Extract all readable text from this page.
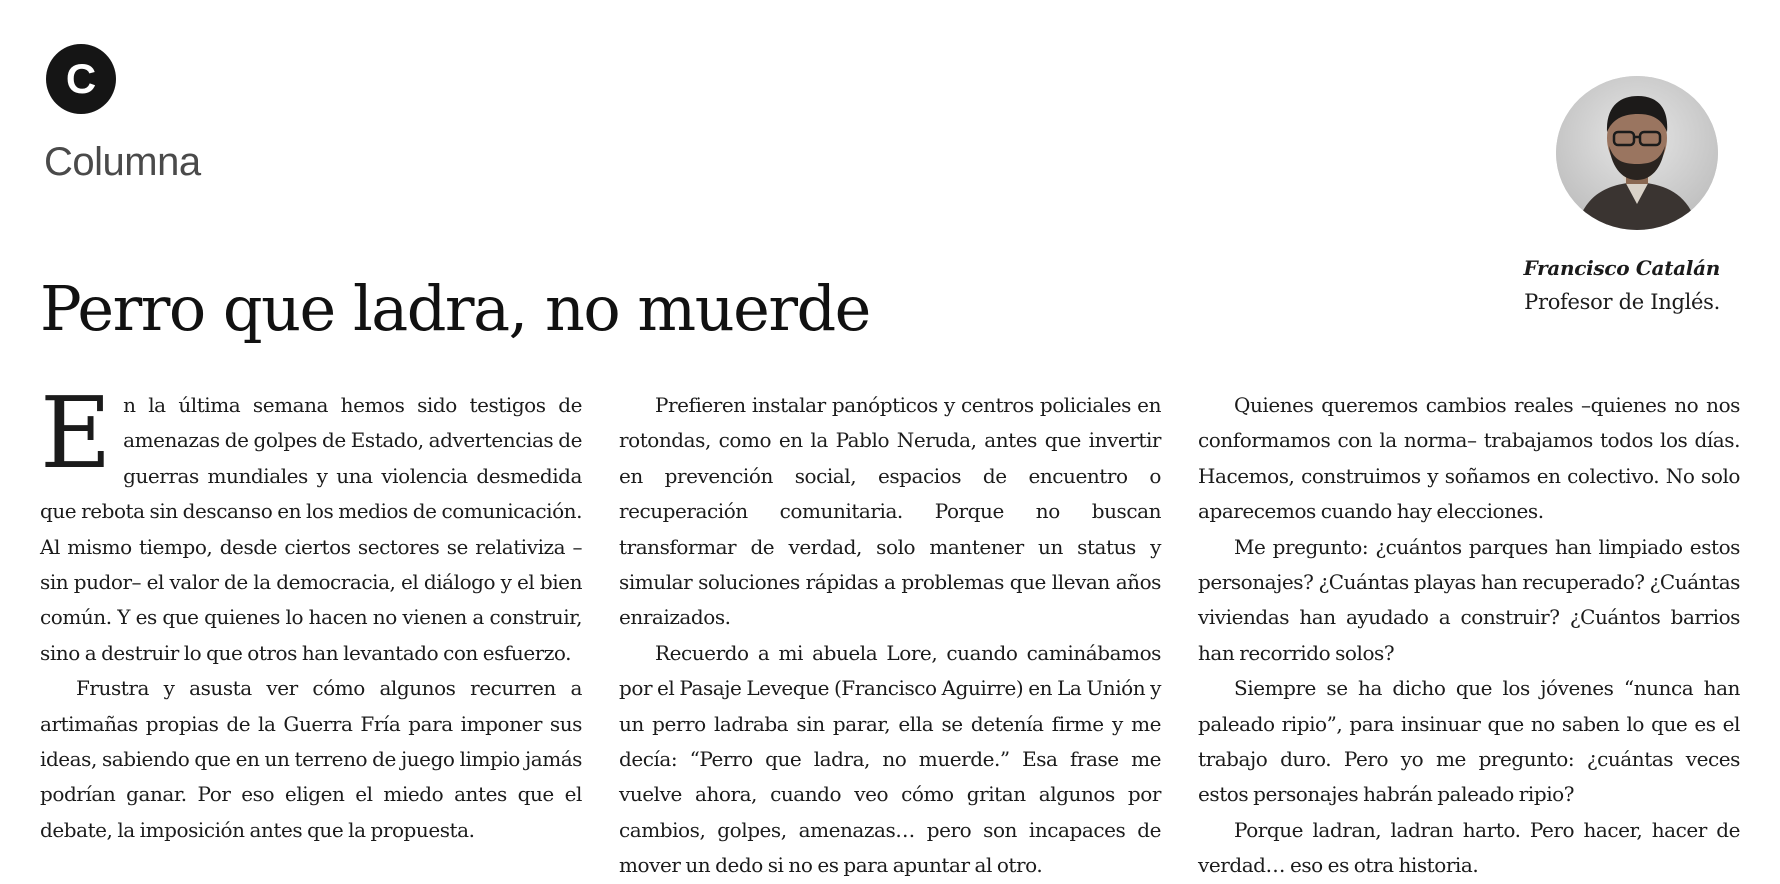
C
Columna
Perro que ladra, no muerde
Francisco Catalán
Profesor de Inglés.

E n la última semana hemos sido testigos de amenazas de golpes de Estado, advertencias de guerras mundiales y una violencia desmedida que rebota sin descanso en los medios de comunicación. Al mismo tiempo, desde ciertos sectores se relativiza –sin pudor– el valor de la democracia, el diálogo y el bien común. Y es que quienes lo hacen no vienen a construir, sino a destruir lo que otros han levantado con esfuerzo.

Frustra y asusta ver cómo algunos recurren a artimañas propias de la Guerra Fría para imponer sus ideas, sabiendo que en un terreno de juego limpio jamás podrían ganar. Por eso eligen el miedo antes que el debate, la imposición antes que la propuesta.

Prefieren instalar panópticos y centros policiales en rotondas, como en la Pablo Neruda, antes que invertir en prevención social, espacios de encuentro o recuperación comunitaria. Porque no buscan transformar de verdad, solo mantener un status y simular soluciones rápidas a problemas que llevan años enraizados.

Recuerdo a mi abuela Lore, cuando caminábamos por el Pasaje Leveque (Francisco Aguirre) en La Unión y un perro ladraba sin parar, ella se detenía firme y me decía: “Perro que ladra, no muerde.” Esa frase me vuelve ahora, cuando veo cómo gritan algunos por cambios, golpes, amenazas… pero son incapaces de mover un dedo si no es para apuntar al otro.

Quienes queremos cambios reales –quienes no nos conformamos con la norma– trabajamos todos los días. Hacemos, construimos y soñamos en colectivo. No solo aparecemos cuando hay elecciones.

Me pregunto: ¿cuántos parques han limpiado estos personajes? ¿Cuántas playas han recuperado? ¿Cuántas viviendas han ayudado a construir? ¿Cuántos barrios han recorrido solos?

Siempre se ha dicho que los jóvenes “nunca han paleado ripio”, para insinuar que no saben lo que es el trabajo duro. Pero yo me pregunto: ¿cuántas veces estos personajes habrán paleado ripio?

Porque ladran, ladran harto. Pero hacer, hacer de verdad… eso es otra historia.
